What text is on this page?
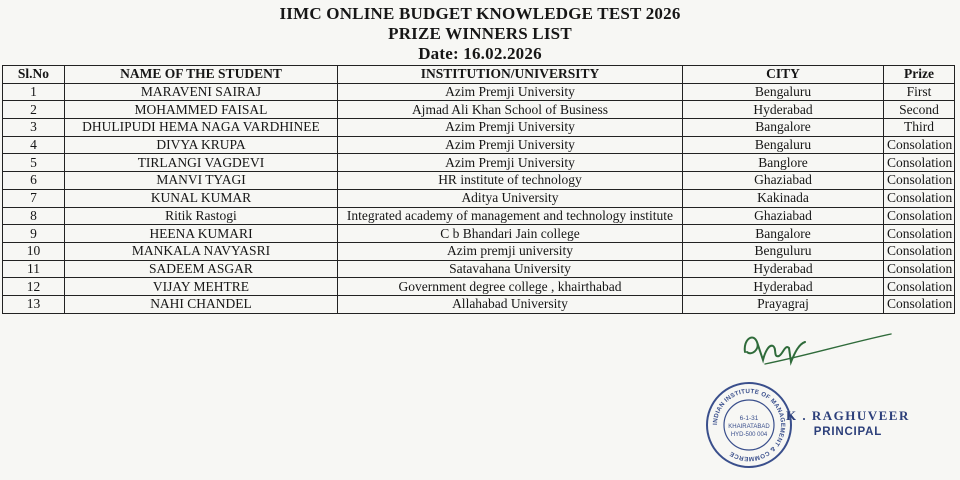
IIMC ONLINE BUDGET KNOWLEDGE TEST 2026
PRIZE WINNERS LIST
Date: 16.02.2026
Sl.No	NAME OF THE STUDENT	INSTITUTION/UNIVERSITY	CITY	Prize
1	MARAVENI SAIRAJ	Azim Premji University	Bengaluru	First
2	MOHAMMED FAISAL	Ajmad Ali Khan School of Business	Hyderabad	Second
3	DHULIPUDI HEMA NAGA VARDHINEE	Azim Premji University	Bangalore	Third
4	DIVYA KRUPA	Azim Premji University	Bengaluru	Consolation
5	TIRLANGI VAGDEVI	Azim Premji University	Banglore	Consolation
6	MANVI TYAGI	HR institute of technology	Ghaziabad	Consolation
7	KUNAL KUMAR	Aditya University	Kakinada	Consolation
8	Ritik Rastogi	Integrated academy of management and technology institute	Ghaziabad	Consolation
9	HEENA KUMARI	C b Bhandari Jain college	Bangalore	Consolation
10	MANKALA NAVYASRI	Azim premji university	Benguluru	Consolation
11	SADEEM ASGAR	Satavahana University	Hyderabad	Consolation
12	VIJAY MEHTRE	Government degree college , khairthabad	Hyderabad	Consolation
13	NAHI CHANDEL	Allahabad University	Prayagraj	Consolation
INDIAN INSTITUTE OF MANAGEMENT & COMMERCE
6-1-31
KHAIRATABAD
HYD-500 004
K . RAGHUVEER
PRINCIPAL
